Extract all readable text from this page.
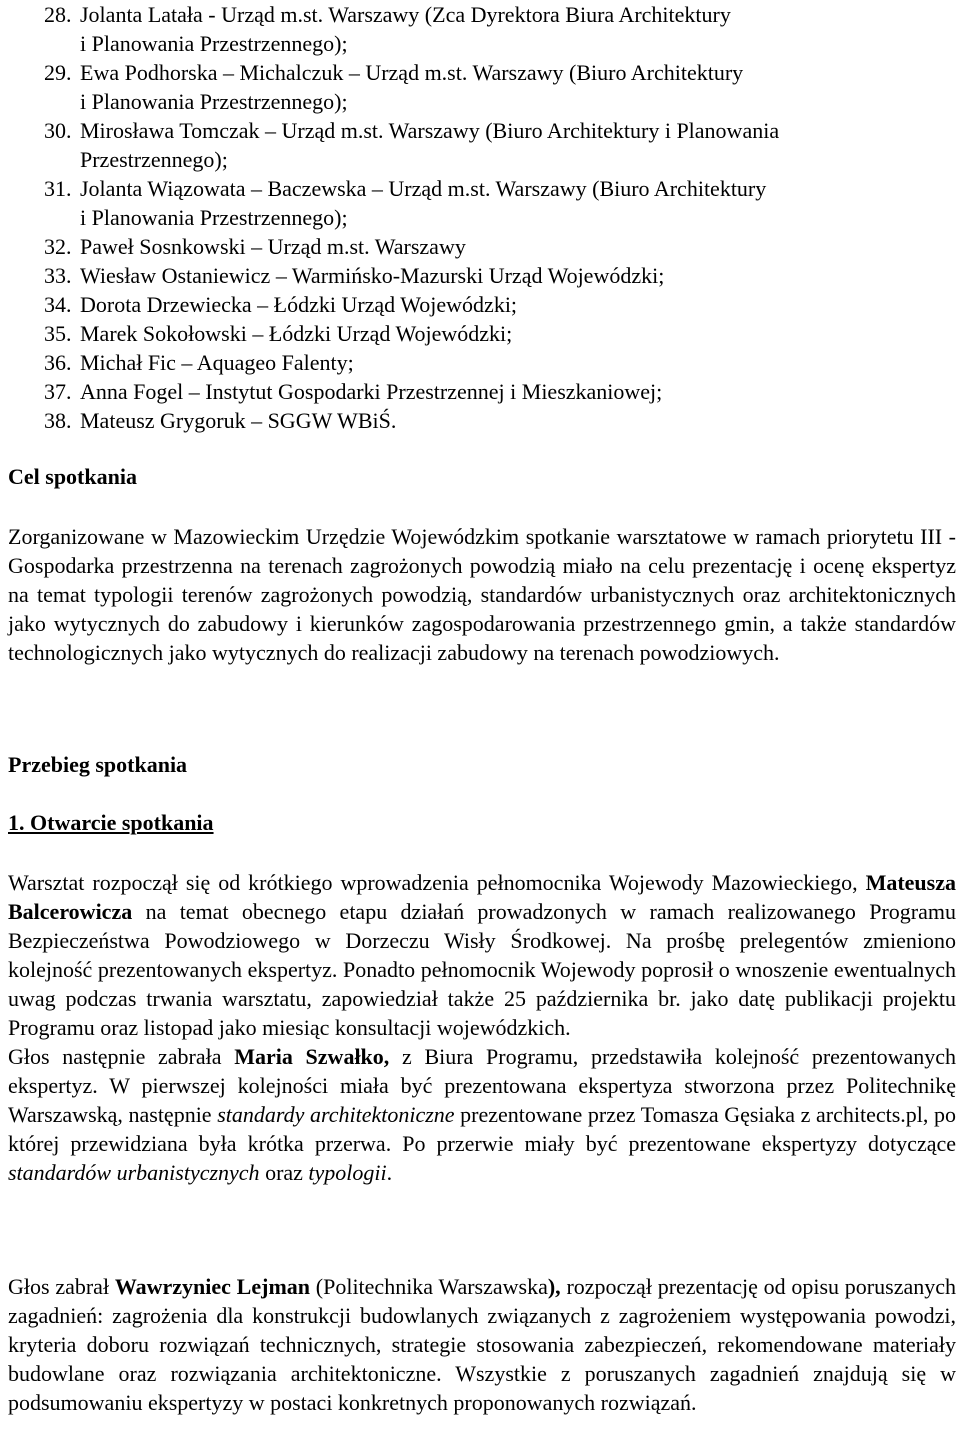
28. Jolanta Latała - Urząd m.st. Warszawy (Zca Dyrektora Biura Architektury
i Planowania Przestrzennego);
29. Ewa Podhorska – Michalczuk – Urząd m.st. Warszawy (Biuro Architektury
i Planowania Przestrzennego);
30. Mirosława Tomczak – Urząd m.st. Warszawy (Biuro Architektury i Planowania
Przestrzennego);
31. Jolanta Wiązowata – Baczewska – Urząd m.st. Warszawy (Biuro Architektury
i Planowania Przestrzennego);
32. Paweł Sosnkowski – Urząd m.st. Warszawy
33. Wiesław Ostaniewicz – Warmińsko-Mazurski Urząd Wojewódzki;
34. Dorota Drzewiecka – Łódzki Urząd Wojewódzki;
35. Marek Sokołowski – Łódzki Urząd Wojewódzki;
36. Michał Fic – Aquageo Falenty;
37. Anna Fogel – Instytut Gospodarki Przestrzennej i Mieszkaniowej;
38. Mateusz Grygoruk – SGGW WBiŚ.
Cel spotkania

Zorganizowane w Mazowieckim Urzędzie Wojewódzkim spotkanie warsztatowe w ramach priorytetu III - Gospodarka przestrzenna na terenach zagrożonych powodzią miało na celu prezentację i ocenę ekspertyz na temat typologii terenów zagrożonych powodzią, standardów urbanistycznych oraz architektonicznych jako wytycznych do zabudowy i kierunków zagospodarowania przestrzennego gmin, a także standardów technologicznych jako wytycznych do realizacji zabudowy na terenach powodziowych.

Przebieg spotkania
1. Otwarcie spotkania

Warsztat rozpoczął się od krótkiego wprowadzenia pełnomocnika Wojewody Mazowieckiego, Mateusza Balcerowicza na temat obecnego etapu działań prowadzonych w ramach realizowanego Programu Bezpieczeństwa Powodziowego w Dorzeczu Wisły Środkowej. Na prośbę prelegentów zmieniono kolejność prezentowanych ekspertyz. Ponadto pełnomocnik Wojewody poprosił o wnoszenie ewentualnych uwag podczas trwania warsztatu, zapowiedział także 25 października br. jako datę publikacji projektu Programu oraz listopad jako miesiąc konsultacji wojewódzkich.

Głos następnie zabrała Maria Szwałko, z Biura Programu, przedstawiła kolejność prezentowanych ekspertyz. W pierwszej kolejności miała być prezentowana ekspertyza stworzona przez Politechnikę Warszawską, następnie standardy architektoniczne prezentowane przez Tomasza Gęsiaka z architects.pl, po której przewidziana była krótka przerwa. Po przerwie miały być prezentowane ekspertyzy dotyczące standardów urbanistycznych oraz typologii.

Głos zabrał Wawrzyniec Lejman (Politechnika Warszawska), rozpoczął prezentację od opisu poruszanych zagadnień: zagrożenia dla konstrukcji budowlanych związanych z zagrożeniem występowania powodzi, kryteria doboru rozwiązań technicznych, strategie stosowania zabezpieczeń, rekomendowane materiały budowlane oraz rozwiązania architektoniczne. Wszystkie z poruszanych zagadnień znajdują się w podsumowaniu ekspertyzy w postaci konkretnych proponowanych rozwiązań.
